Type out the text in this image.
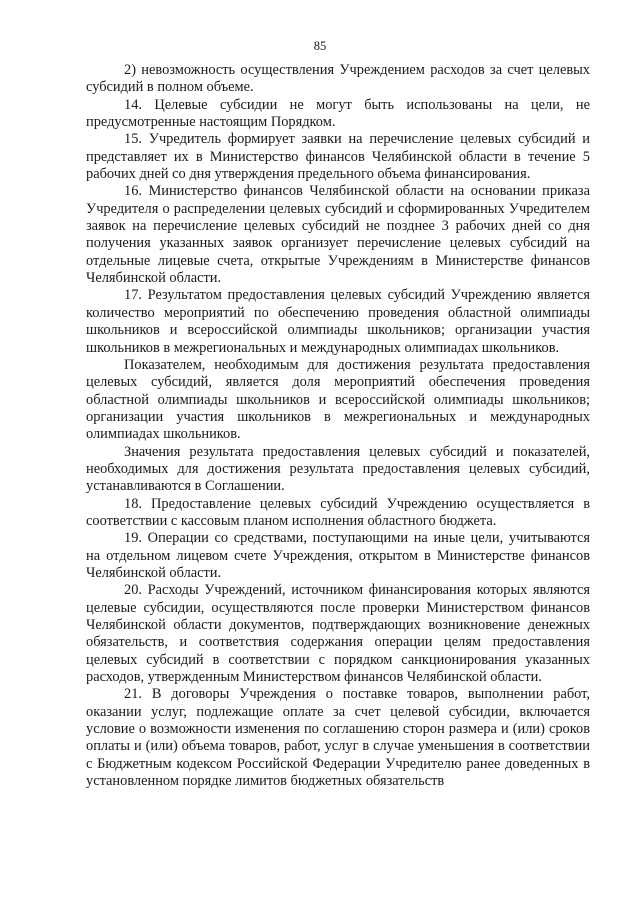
85

2) невозможность осуществления Учреждением расходов за счет целевых субсидий в полном объеме.

14. Целевые субсидии не могут быть использованы на цели, не предусмотренные настоящим Порядком.

15. Учредитель формирует заявки на перечисление целевых субсидий и представляет их в Министерство финансов Челябинской области в течение 5 рабочих дней со дня утверждения предельного объема финансирования.

16. Министерство финансов Челябинской области на основании приказа Учредителя о распределении целевых субсидий и сформированных Учредителем заявок на перечисление целевых субсидий не позднее 3 рабочих дней со дня получения указанных заявок организует перечисление целевых субсидий на отдельные лицевые счета, открытые Учреждениям в Министерстве финансов Челябинской области.

17. Результатом предоставления целевых субсидий Учреждению является количество мероприятий по обеспечению проведения областной олимпиады школьников и всероссийской олимпиады школьников; организации участия школьников в межрегиональных и международных олимпиадах школьников.

Показателем, необходимым для достижения результата предоставления целевых субсидий, является доля мероприятий обеспечения проведения областной олимпиады школьников и всероссийской олимпиады школьников; организации участия школьников в межрегиональных и международных олимпиадах школьников.

Значения результата предоставления целевых субсидий и показателей, необходимых для достижения результата предоставления целевых субсидий, устанавливаются в Соглашении.

18. Предоставление целевых субсидий Учреждению осуществляется в соответствии с кассовым планом исполнения областного бюджета.

19. Операции со средствами, поступающими на иные цели, учитываются на отдельном лицевом счете Учреждения, открытом в Министерстве финансов Челябинской области.

20. Расходы Учреждений, источником финансирования которых являются целевые субсидии, осуществляются после проверки Министерством финансов Челябинской области документов, подтверждающих возникновение денежных обязательств, и соответствия содержания операции целям предоставления целевых субсидий в соответствии с порядком санкционирования указанных расходов, утвержденным Министерством финансов Челябинской области.

21. В договоры Учреждения о поставке товаров, выполнении работ, оказании услуг, подлежащие оплате за счет целевой субсидии, включается условие о возможности изменения по соглашению сторон размера и (или) сроков оплаты и (или) объема товаров, работ, услуг в случае уменьшения в соответствии с Бюджетным кодексом Российской Федерации Учредителю ранее доведенных в установленном порядке лимитов бюджетных обязательств
